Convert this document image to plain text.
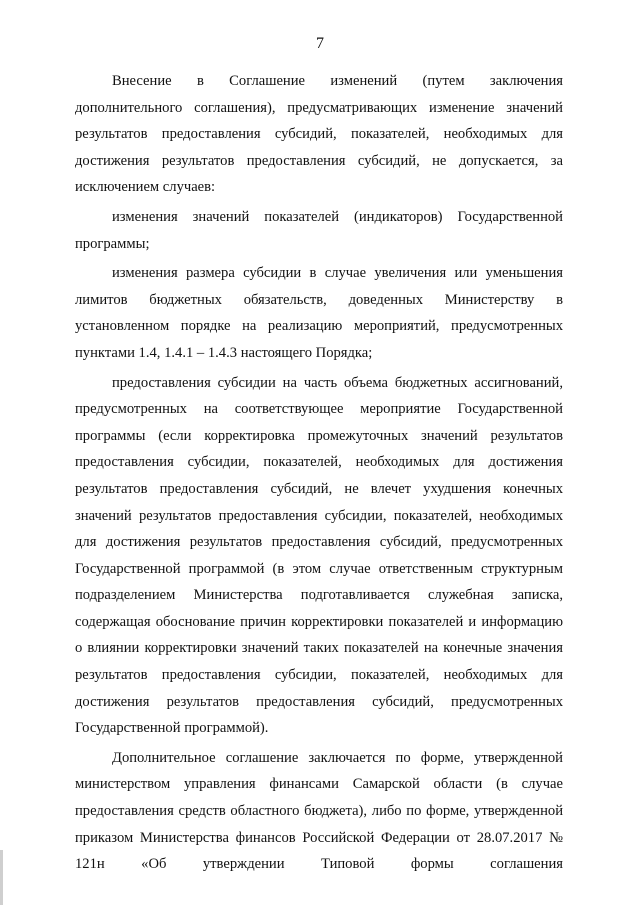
7

Внесение в Соглашение изменений (путем заключения дополнительного соглашения), предусматривающих изменение значений результатов предоставления субсидий, показателей, необходимых для достижения результатов предоставления субсидий, не допускается, за исключением случаев:

изменения значений показателей (индикаторов) Государственной программы;

изменения размера субсидии в случае увеличения или уменьшения лимитов бюджетных обязательств, доведенных Министерству в установленном порядке на реализацию мероприятий, предусмотренных пунктами 1.4, 1.4.1 – 1.4.3 настоящего Порядка;

предоставления субсидии на часть объема бюджетных ассигнований, предусмотренных на соответствующее мероприятие Государственной программы (если корректировка промежуточных значений результатов предоставления субсидии, показателей, необходимых для достижения результатов предоставления субсидий, не влечет ухудшения конечных значений результатов предоставления субсидии, показателей, необходимых для достижения результатов предоставления субсидий, предусмотренных Государственной программой (в этом случае ответственным структурным подразделением Министерства подготавливается служебная записка, содержащая обоснование причин корректировки показателей и информацию о влиянии корректировки значений таких показателей на конечные значения результатов предоставления субсидии, показателей, необходимых для достижения результатов предоставления субсидий, предусмотренных Государственной программой).

Дополнительное соглашение заключается по форме, утвержденной министерством управления финансами Самарской области (в случае предоставления средств областного бюджета), либо по форме, утвержденной приказом Министерства финансов Российской Федерации от 28.07.2017 № 121н «Об утверждении Типовой формы соглашения
